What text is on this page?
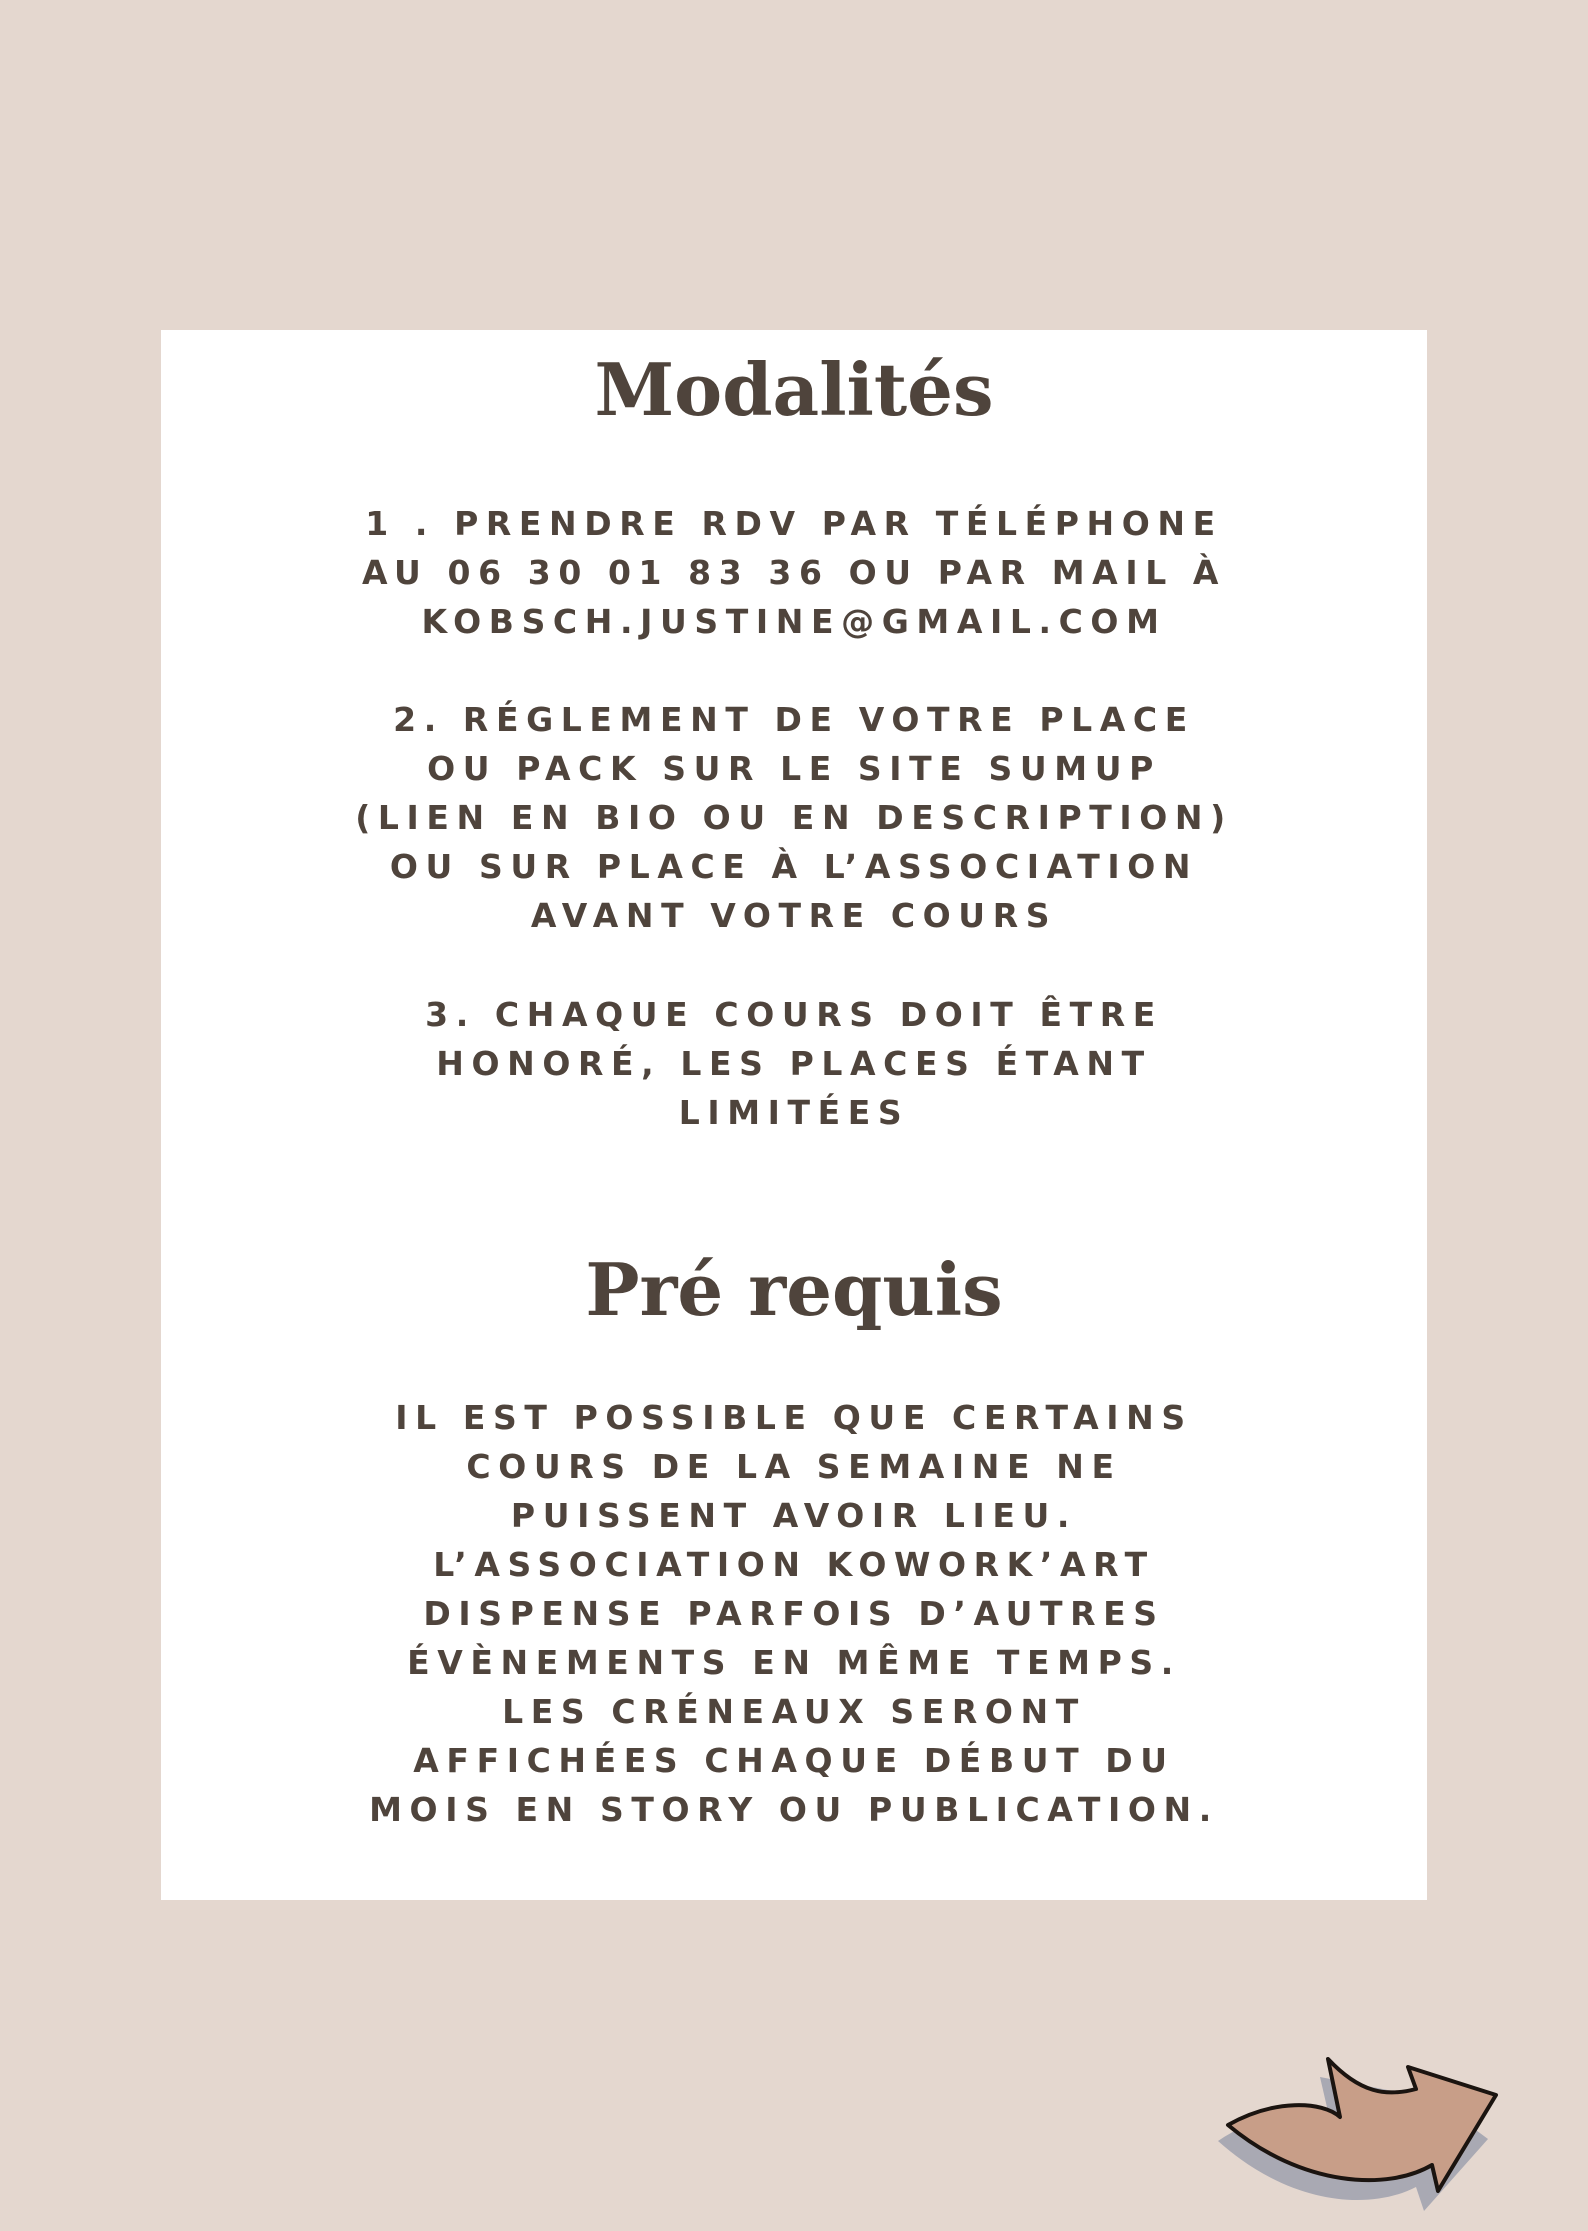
Modalités
1 . PRENDRE RDV PAR TÉLÉPHONE
AU 06 30 01 83 36 OU PAR MAIL À
KOBSCH.JUSTINE@GMAIL.COM
2. RÉGLEMENT DE VOTRE PLACE
OU PACK SUR LE SITE SUMUP
(LIEN EN BIO OU EN DESCRIPTION)
OU SUR PLACE À L’ASSOCIATION
AVANT VOTRE COURS
3. CHAQUE COURS DOIT ÊTRE
HONORÉ, LES PLACES ÉTANT
LIMITÉES
Pré requis
IL EST POSSIBLE QUE CERTAINS
COURS DE LA SEMAINE NE
PUISSENT AVOIR LIEU.
L’ASSOCIATION KOWORK’ART
DISPENSE PARFOIS D’AUTRES
ÉVÈNEMENTS EN MÊME TEMPS.
LES CRÉNEAUX SERONT
AFFICHÉES CHAQUE DÉBUT DU
MOIS EN STORY OU PUBLICATION.
